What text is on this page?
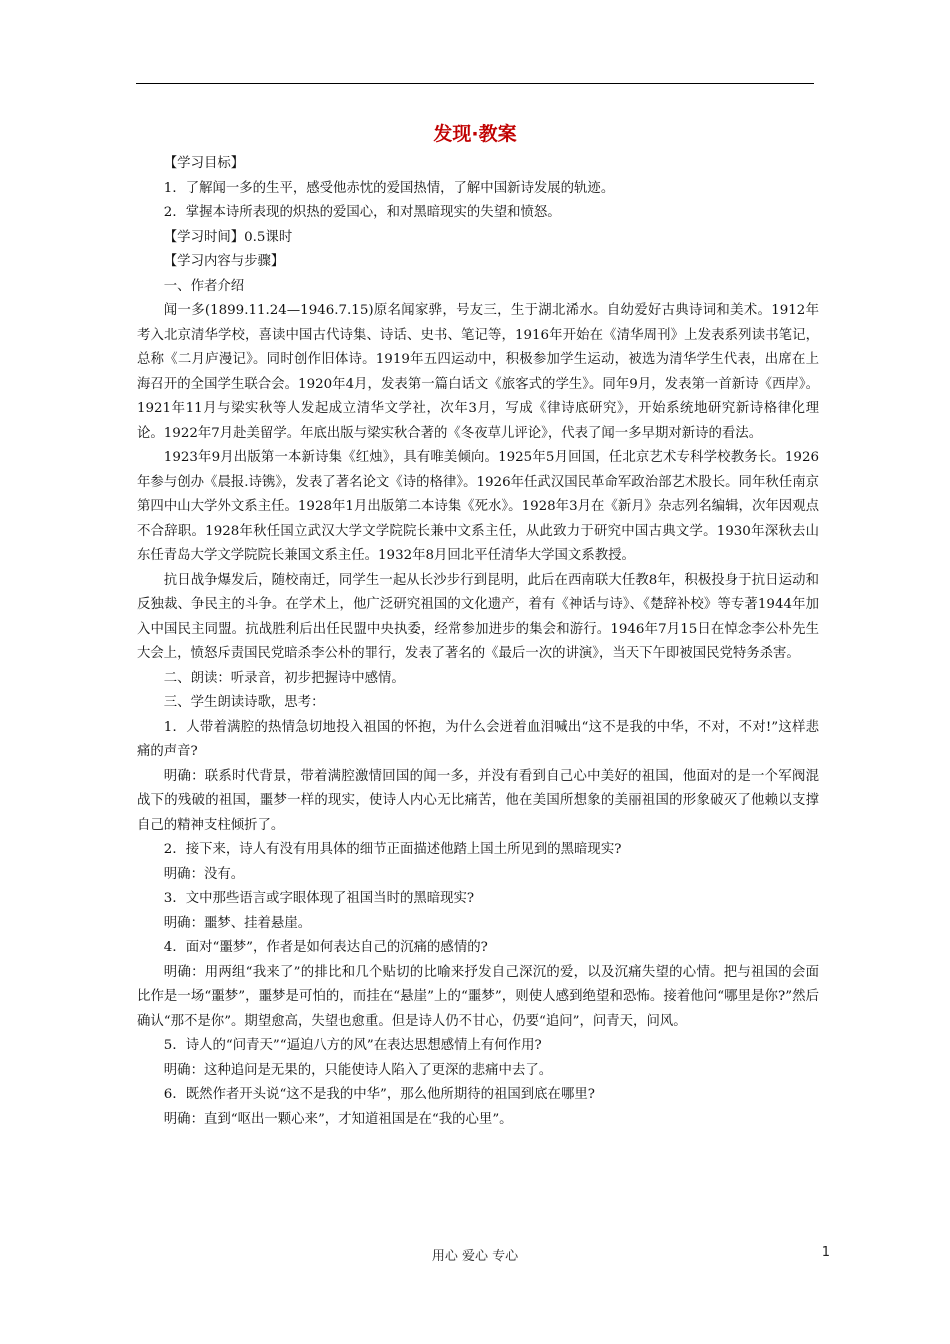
发现·教案

【学习目标】

1．了解闻一多的生平，感受他赤忱的爱国热情，了解中国新诗发展的轨迹。

2．掌握本诗所表现的炽热的爱国心，和对黑暗现实的失望和愤怒。

【学习时间】0.5课时

【学习内容与步骤】

一、作者介绍

闻一多(1899.11.24—1946.7.15)原名闻家骅，号友三，生于湖北浠水。自幼爱好古典诗词和美术。1912年考入北京清华学校，喜读中国古代诗集、诗话、史书、笔记等，1916年开始在《清华周刊》上发表系列读书笔记，总称《二月庐漫记》。同时创作旧体诗。1919年五四运动中，积极参加学生运动，被选为清华学生代表，出席在上海召开的全国学生联合会。1920年4月，发表第一篇白话文《旅客式的学生》。同年9月，发表第一首新诗《西岸》。1921年11月与梁实秋等人发起成立清华文学社，次年3月，写成《律诗底研究》，开始系统地研究新诗格律化理论。1922年7月赴美留学。年底出版与梁实秋合著的《冬夜草儿评论》，代表了闻一多早期对新诗的看法。

1923年9月出版第一本新诗集《红烛》，具有唯美倾向。1925年5月回国，任北京艺术专科学校教务长。1926年参与创办《晨报.诗镌》，发表了著名论文《诗的格律》。1926年任武汉国民革命军政治部艺术股长。同年秋任南京第四中山大学外文系主任。1928年1月出版第二本诗集《死水》。1928年3月在《新月》杂志列名编辑，次年因观点不合辞职。1928年秋任国立武汉大学文学院院长兼中文系主任，从此致力于研究中国古典文学。1930年深秋去山东任青岛大学文学院院长兼国文系主任。1932年8月回北平任清华大学国文系教授。

抗日战争爆发后，随校南迁，同学生一起从长沙步行到昆明，此后在西南联大任教8年，积极投身于抗日运动和反独裁、争民主的斗争。在学术上，他广泛研究祖国的文化遗产，着有《神话与诗》、《楚辞补校》等专著1944年加入中国民主同盟。抗战胜利后出任民盟中央执委，经常参加进步的集会和游行。1946年7月15日在悼念李公朴先生大会上，愤怒斥责国民党暗杀李公朴的罪行，发表了著名的《最后一次的讲演》，当天下午即被国民党特务杀害。

二、朗读：听录音，初步把握诗中感情。

三、学生朗读诗歌，思考：

1．人带着满腔的热情急切地投入祖国的怀抱，为什么会迸着血泪喊出“这不是我的中华，不对，不对!”这样悲痛的声音?

明确：联系时代背景，带着满腔激情回国的闻一多，并没有看到自己心中美好的祖国，他面对的是一个军阀混战下的残破的祖国，噩梦一样的现实，使诗人内心无比痛苦，他在美国所想象的美丽祖国的形象破灭了他赖以支撑自己的精神支柱倾折了。

2．接下来，诗人有没有用具体的细节正面描述他踏上国土所见到的黑暗现实?

明确：没有。

3．文中那些语言或字眼体现了祖国当时的黑暗现实?

明确：噩梦、挂着悬崖。

4．面对“噩梦”，作者是如何表达自己的沉痛的感情的?

明确：用两组“我来了”的排比和几个贴切的比喻来抒发自己深沉的爱，以及沉痛失望的心情。把与祖国的会面比作是一场“噩梦”，噩梦是可怕的，而挂在“悬崖”上的“噩梦”，则使人感到绝望和恐怖。接着他问“哪里是你?”然后确认“那不是你”。期望愈高，失望也愈重。但是诗人仍不甘心，仍要“追问”，问青天，问风。

5．诗人的“问青天”“逼迫八方的风”在表达思想感情上有何作用?

明确：这种追问是无果的，只能使诗人陷入了更深的悲痛中去了。

6．既然作者开头说“这不是我的中华”，那么他所期待的祖国到底在哪里?

明确：直到“呕出一颗心来”，才知道祖国是在“我的心里”。

用心 爱心 专心	1
